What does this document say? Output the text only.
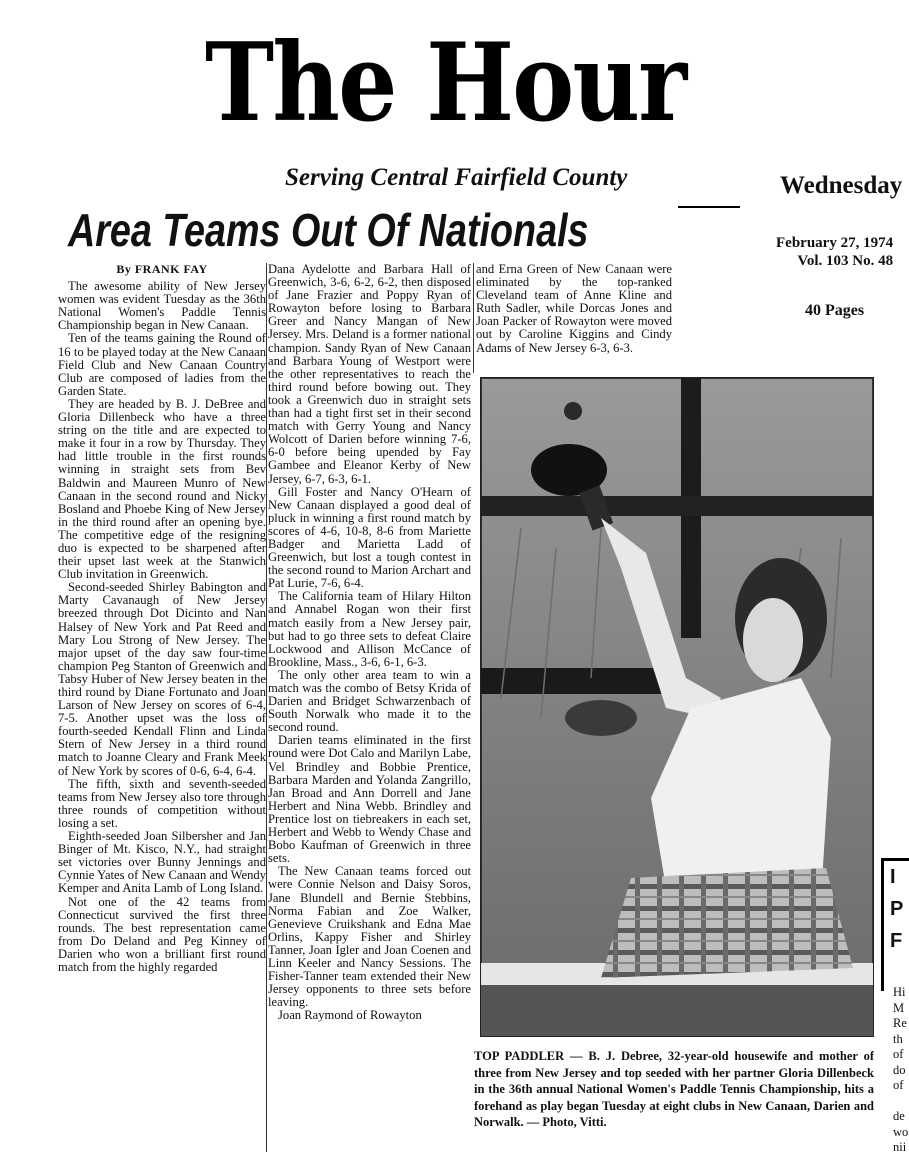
The Hour
Serving Central Fairfield County	Wednesday
Area Teams Out Of Nationals	February 27, 1974
Vol. 103 No. 48
40 Pages
By FRANK FAY

The awesome ability of New Jersey women was evident Tuesday as the 36th National Women's Paddle Tennis Championship began in New Canaan.

Ten of the teams gaining the Round of 16 to be played today at the New Canaan Field Club and New Canaan Country Club are composed of ladies from the Garden State.

They are headed by B. J. DeBree and Gloria Dillenbeck who have a three string on the title and are expected to make it four in a row by Thursday. They had little trouble in the first rounds winning in straight sets from Bev Baldwin and Maureen Munro of New Canaan in the second round and Nicky Bosland and Phoebe King of New Jersey in the third round after an opening bye. The competitive edge of the resigning duo is expected to be sharpened after their upset last week at the Stanwich Club invitation in Greenwich.

Second-seeded Shirley Babington and Marty Cavanaugh of New Jersey breezed through Dot Dicinto and Nan Halsey of New York and Pat Reed and Mary Lou Strong of New Jersey. The major upset of the day saw four-time champion Peg Stanton of Greenwich and Tabsy Huber of New Jersey beaten in the third round by Diane Fortunato and Joan Larson of New Jersey on scores of 6-4, 7-5. Another upset was the loss of fourth-seeded Kendall Flinn and Linda Stern of New Jersey in a third round match to Joanne Cleary and Frank Meek of New York by scores of 0-6, 6-4, 6-4.

The fifth, sixth and seventh-seeded teams from New Jersey also tore through three rounds of competition without losing a set.

Eighth-seeded Joan Silbersher and Jan Binger of Mt. Kisco, N.Y., had straight set victories over Bunny Jennings and Cynnie Yates of New Canaan and Wendy Kemper and Anita Lamb of Long Island.

Not one of the 42 teams from Connecticut survived the first three rounds. The best representation came from Do Deland and Peg Kinney of Darien who won a brilliant first round match from the highly regarded

Dana Aydelotte and Barbara Hall of Greenwich, 3-6, 6-2, 6-2, then disposed of Jane Frazier and Poppy Ryan of Rowayton before losing to Barbara Greer and Nancy Mangan of New Jersey. Mrs. Deland is a former national champion. Sandy Ryan of New Canaan and Barbara Young of Westport were the other representatives to reach the third round before bowing out. They took a Greenwich duo in straight sets than had a tight first set in their second match with Gerry Young and Nancy Wolcott of Darien before winning 7-6, 6-0 before being upended by Fay Gambee and Eleanor Kerby of New Jersey, 6-7, 6-3, 6-1.

Gill Foster and Nancy O'Hearn of New Canaan displayed a good deal of pluck in winning a first round match by scores of 4-6, 10-8, 8-6 from Mariette Badger and Marietta Ladd of Greenwich, but lost a tough contest in the second round to Marion Archart and Pat Lurie, 7-6, 6-4.

The California team of Hilary Hilton and Annabel Rogan won their first match easily from a New Jersey pair, but had to go three sets to defeat Claire Lockwood and Allison McCance of Brookline, Mass., 3-6, 6-1, 6-3.

The only other area team to win a match was the combo of Betsy Krida of Darien and Bridget Schwarzenbach of South Norwalk who made it to the second round.

Darien teams eliminated in the first round were Dot Calo and Marilyn Labe, Vel Brindley and Bobbie Prentice, Barbara Marden and Yolanda Zangrillo, Jan Broad and Ann Dorrell and Jane Herbert and Nina Webb. Brindley and Prentice lost on tiebreakers in each set, Herbert and Webb to Wendy Chase and Bobo Kaufman of Greenwich in three sets.

The New Canaan teams forced out were Connie Nelson and Daisy Soros, Jane Blundell and Bernie Stebbins, Norma Fabian and Zoe Walker, Genevieve Cruikshank and Edna Mae Orlins, Kappy Fisher and Shirley Tanner, Joan Igler and Joan Coenen and Linn Keeler and Nancy Sessions. The Fisher-Tanner team extended their New Jersey opponents to three sets before leaving.

Joan Raymond of Rowayton

and Erna Green of New Canaan were eliminated by the top-ranked Cleveland team of Anne Kline and Ruth Sadler, while Dorcas Jones and Joan Packer of Rowayton were moved out by Caroline Kiggins and Cindy Adams of New Jersey 6-3, 6-3.

TOP PADDLER — B. J. Debree, 32-year-old housewife and mother of three from New Jersey and top seeded with her partner Gloria Dillenbeck in the 36th annual National Women's Paddle Tennis Championship, hits a forehand as play began Tuesday at eight clubs in New Canaan, Darien and Norwalk. — Photo, Vitti.
I
P
F
Hi
M
Re
th
of
do
of

de
wo
nii
